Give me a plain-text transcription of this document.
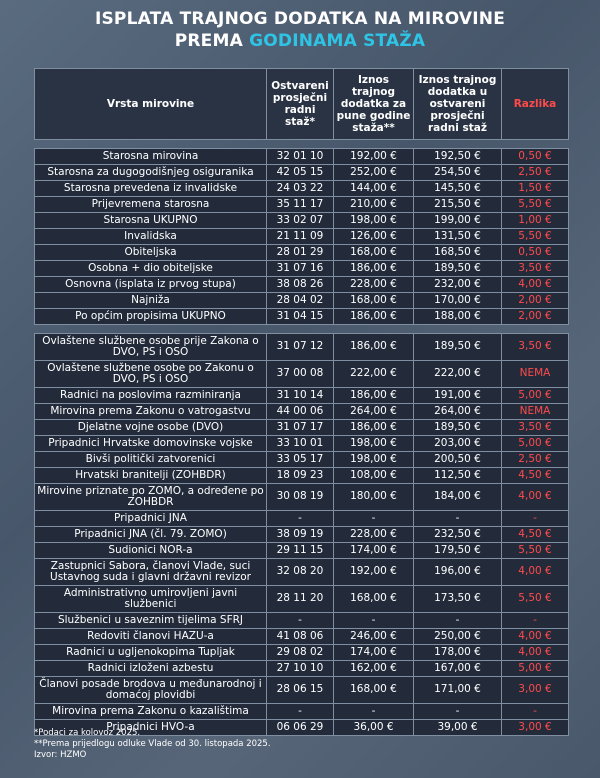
ISPLATA TRAJNOG DODATKA NA MIROVINE
PREMA GODINAMA STAŽA
Vrsta mirovine	Ostvareni prosječni radni staž*	Iznos trajnog dodatka za pune godine staža**	Iznos trajnog dodatka u ostvareni prosječni radni staž	Razlika

Starosna mirovina	32 01 10	192,00 €	192,50 €	0,50 €
Starosna za dugogodišnjeg osiguranika	42 05 15	252,00 €	254,50 €	2,50 €
Starosna prevedena iz invalidske	24 03 22	144,00 €	145,50 €	1,50 €
Prijevremena starosna	35 11 17	210,00 €	215,50 €	5,50 €
Starosna UKUPNO	33 02 07	198,00 €	199,00 €	1,00 €
Invalidska	21 11 09	126,00 €	131,50 €	5,50 €
Obiteljska	28 01 29	168,00 €	168,50 €	0,50 €
Osobna + dio obiteljske	31 07 16	186,00 €	189,50 €	3,50 €
Osnovna (isplata iz prvog stupa)	38 08 26	228,00 €	232,00 €	4,00 €
Najniža	28 04 02	168,00 €	170,00 €	2,00 €
Po općim propisima UKUPNO	31 04 15	186,00 €	188,00 €	2,00 €

Ovlaštene službene osobe prije Zakona o DVO, PS i OSO	31 07 12	186,00 €	189,50 €	3,50 €
Ovlaštene službene osobe po Zakonu o DVO, PS i OSO	37 00 08	222,00 €	222,00 €	NEMA
Radnici na poslovima razminiranja	31 10 14	186,00 €	191,00 €	5,00 €
Mirovina prema Zakonu o vatrogastvu	44 00 06	264,00 €	264,00 €	NEMA
Djelatne vojne osobe (DVO)	31 07 17	186,00 €	189,50 €	3,50 €
Pripadnici Hrvatske domovinske vojske	33 10 01	198,00 €	203,00 €	5,00 €
Bivši politički zatvorenici	33 05 17	198,00 €	200,50 €	2,50 €
Hrvatski branitelji (ZOHBDR)	18 09 23	108,00 €	112,50 €	4,50 €
Mirovine priznate po ZOMO, a određene po ZOHBDR	30 08 19	180,00 €	184,00 €	4,00 €
Pripadnici JNA	-	-	-	-
Pripadnici JNA (čl. 79. ZOMO)	38 09 19	228,00 €	232,50 €	4,50 €
Sudionici NOR-a	29 11 15	174,00 €	179,50 €	5,50 €
Zastupnici Sabora, članovi Vlade, suci Ustavnog suda i glavni državni revizor	32 08 20	192,00 €	196,00 €	4,00 €
Administrativno umirovljeni javni službenici	28 11 20	168,00 €	173,50 €	5,50 €
Službenici u saveznim tijelima SFRJ	-	-	-	-
Redoviti članovi HAZU-a	41 08 06	246,00 €	250,00 €	4,00 €
Radnici u ugljenokopima Tupljak	29 08 02	174,00 €	178,00 €	4,00 €
Radnici izloženi azbestu	27 10 10	162,00 €	167,00 €	5,00 €
Članovi posade brodova u međunarodnoj i domaćoj plovidbi	28 06 15	168,00 €	171,00 €	3,00 €
Mirovina prema Zakonu o kazalištima	-	-	-	-
Pripadnici HVO-a	06 06 29	36,00 €	39,00 €	3,00 €
*Podaci za kolovoz 2025.
**Prema prijedlogu odluke Vlade od 30. listopada 2025.
Izvor: HZMO
